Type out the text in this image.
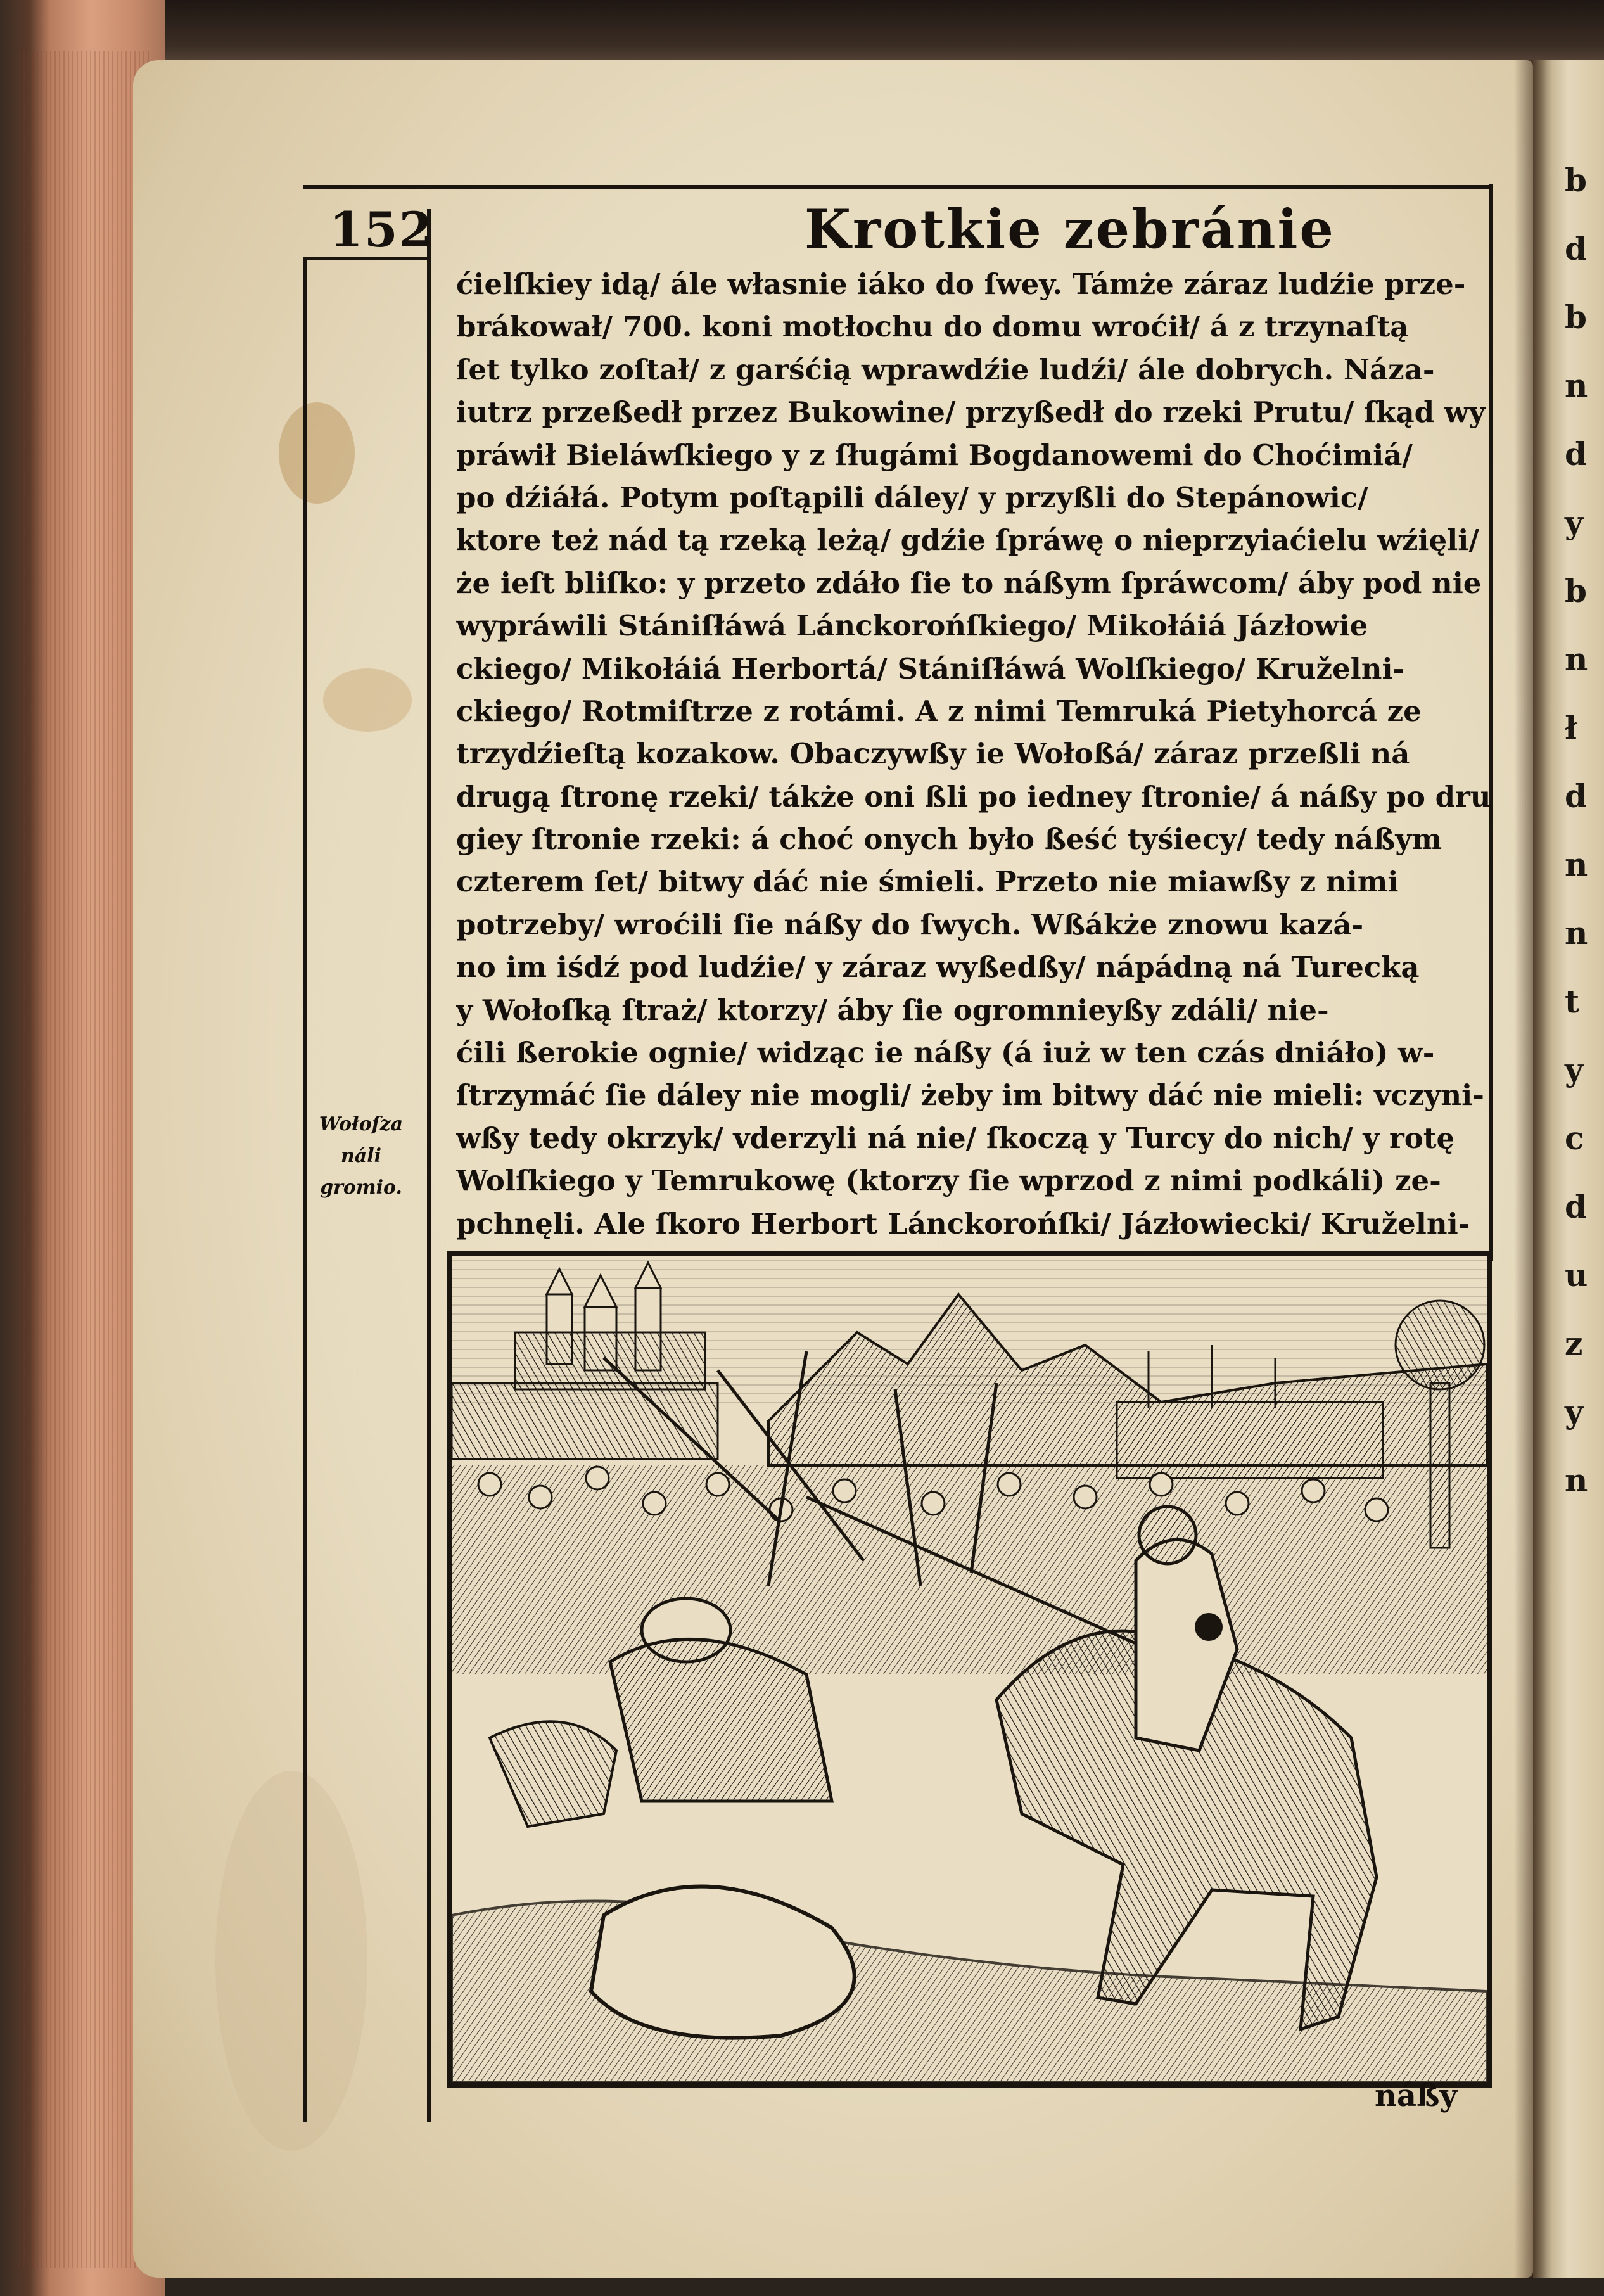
b
d
b
n
d
y
b
n
ł
d
n
n
t
y
c
d
u
z
y
n
152	Krotkie zebránie
ćielſkiey idą/ ále własnie iáko do ſwey. Támże záraz ludźie prze-
brákował/ 700. koni motłochu do domu wroćił/ á z trzynaſtą
ſet tylko zoſtał/ z garśćią wprawdźie ludźi/ ále dobrych. Náza-
iutrz przeßedł przez Bukowine/ przyßedł do rzeki Prutu/ ſkąd wy
práwił Bieláwſkiego y z ſługámi Bogdanowemi do Choćimiá/
po dźiáłá. Potym poſtąpili dáley/ y przyßli do Stepánowic/
ktore też nád tą rzeką leżą/ gdźie ſpráwę o nieprzyiaćielu wźięli/
że ieſt bliſko: y przeto zdáło ſie to náßym ſpráwcom/ áby pod nie
wypráwili Stániſłáwá Lánckorońſkiego/ Mikołáiá Jázłowie
ckiego/ Mikołáiá Herbortá/ Stániſłáwá Wolſkiego/ Kruželni-
ckiego/ Rotmiſtrze z rotámi. A z nimi Temruká Pietyhorcá ze
trzydźieſtą kozakow. Obaczywßy ie Wołoßá/ záraz przeßli ná
drugą ſtronę rzeki/ tákże oni ßli po iedney ſtronie/ á náßy po dru
giey ſtronie rzeki: á choć onych było ßeść tyśiecy/ tedy náßym
czterem ſet/ bitwy dáć nie śmieli. Przeto nie miawßy z nimi
potrzeby/ wroćili ſie náßy do ſwych. Wßákże znowu kazá-
no im iśdź pod ludźie/ y záraz wyßedßy/ nápádną ná Turecką
y Wołoſką ſtraż/ ktorzy/ áby ſie ogromnieyßy zdáli/ nie-
ćili ßerokie ognie/ widząc ie náßy (á iuż w ten czás dniáło) w-
ſtrzymáć ſie dáley nie mogli/ żeby im bitwy dáć nie mieli: vczyni-
wßy tedy okrzyk/ vderzyli ná nie/ ſkoczą y Turcy do nich/ y rotę
Wolſkiego y Temrukowę (ktorzy ſie wprzod z nimi podkáli) ze-
pchnęli. Ale ſkoro Herbort Lánckorońſki/ Jázłowiecki/ Kruželni-
Wołoſza náli
gromio.
náßy
